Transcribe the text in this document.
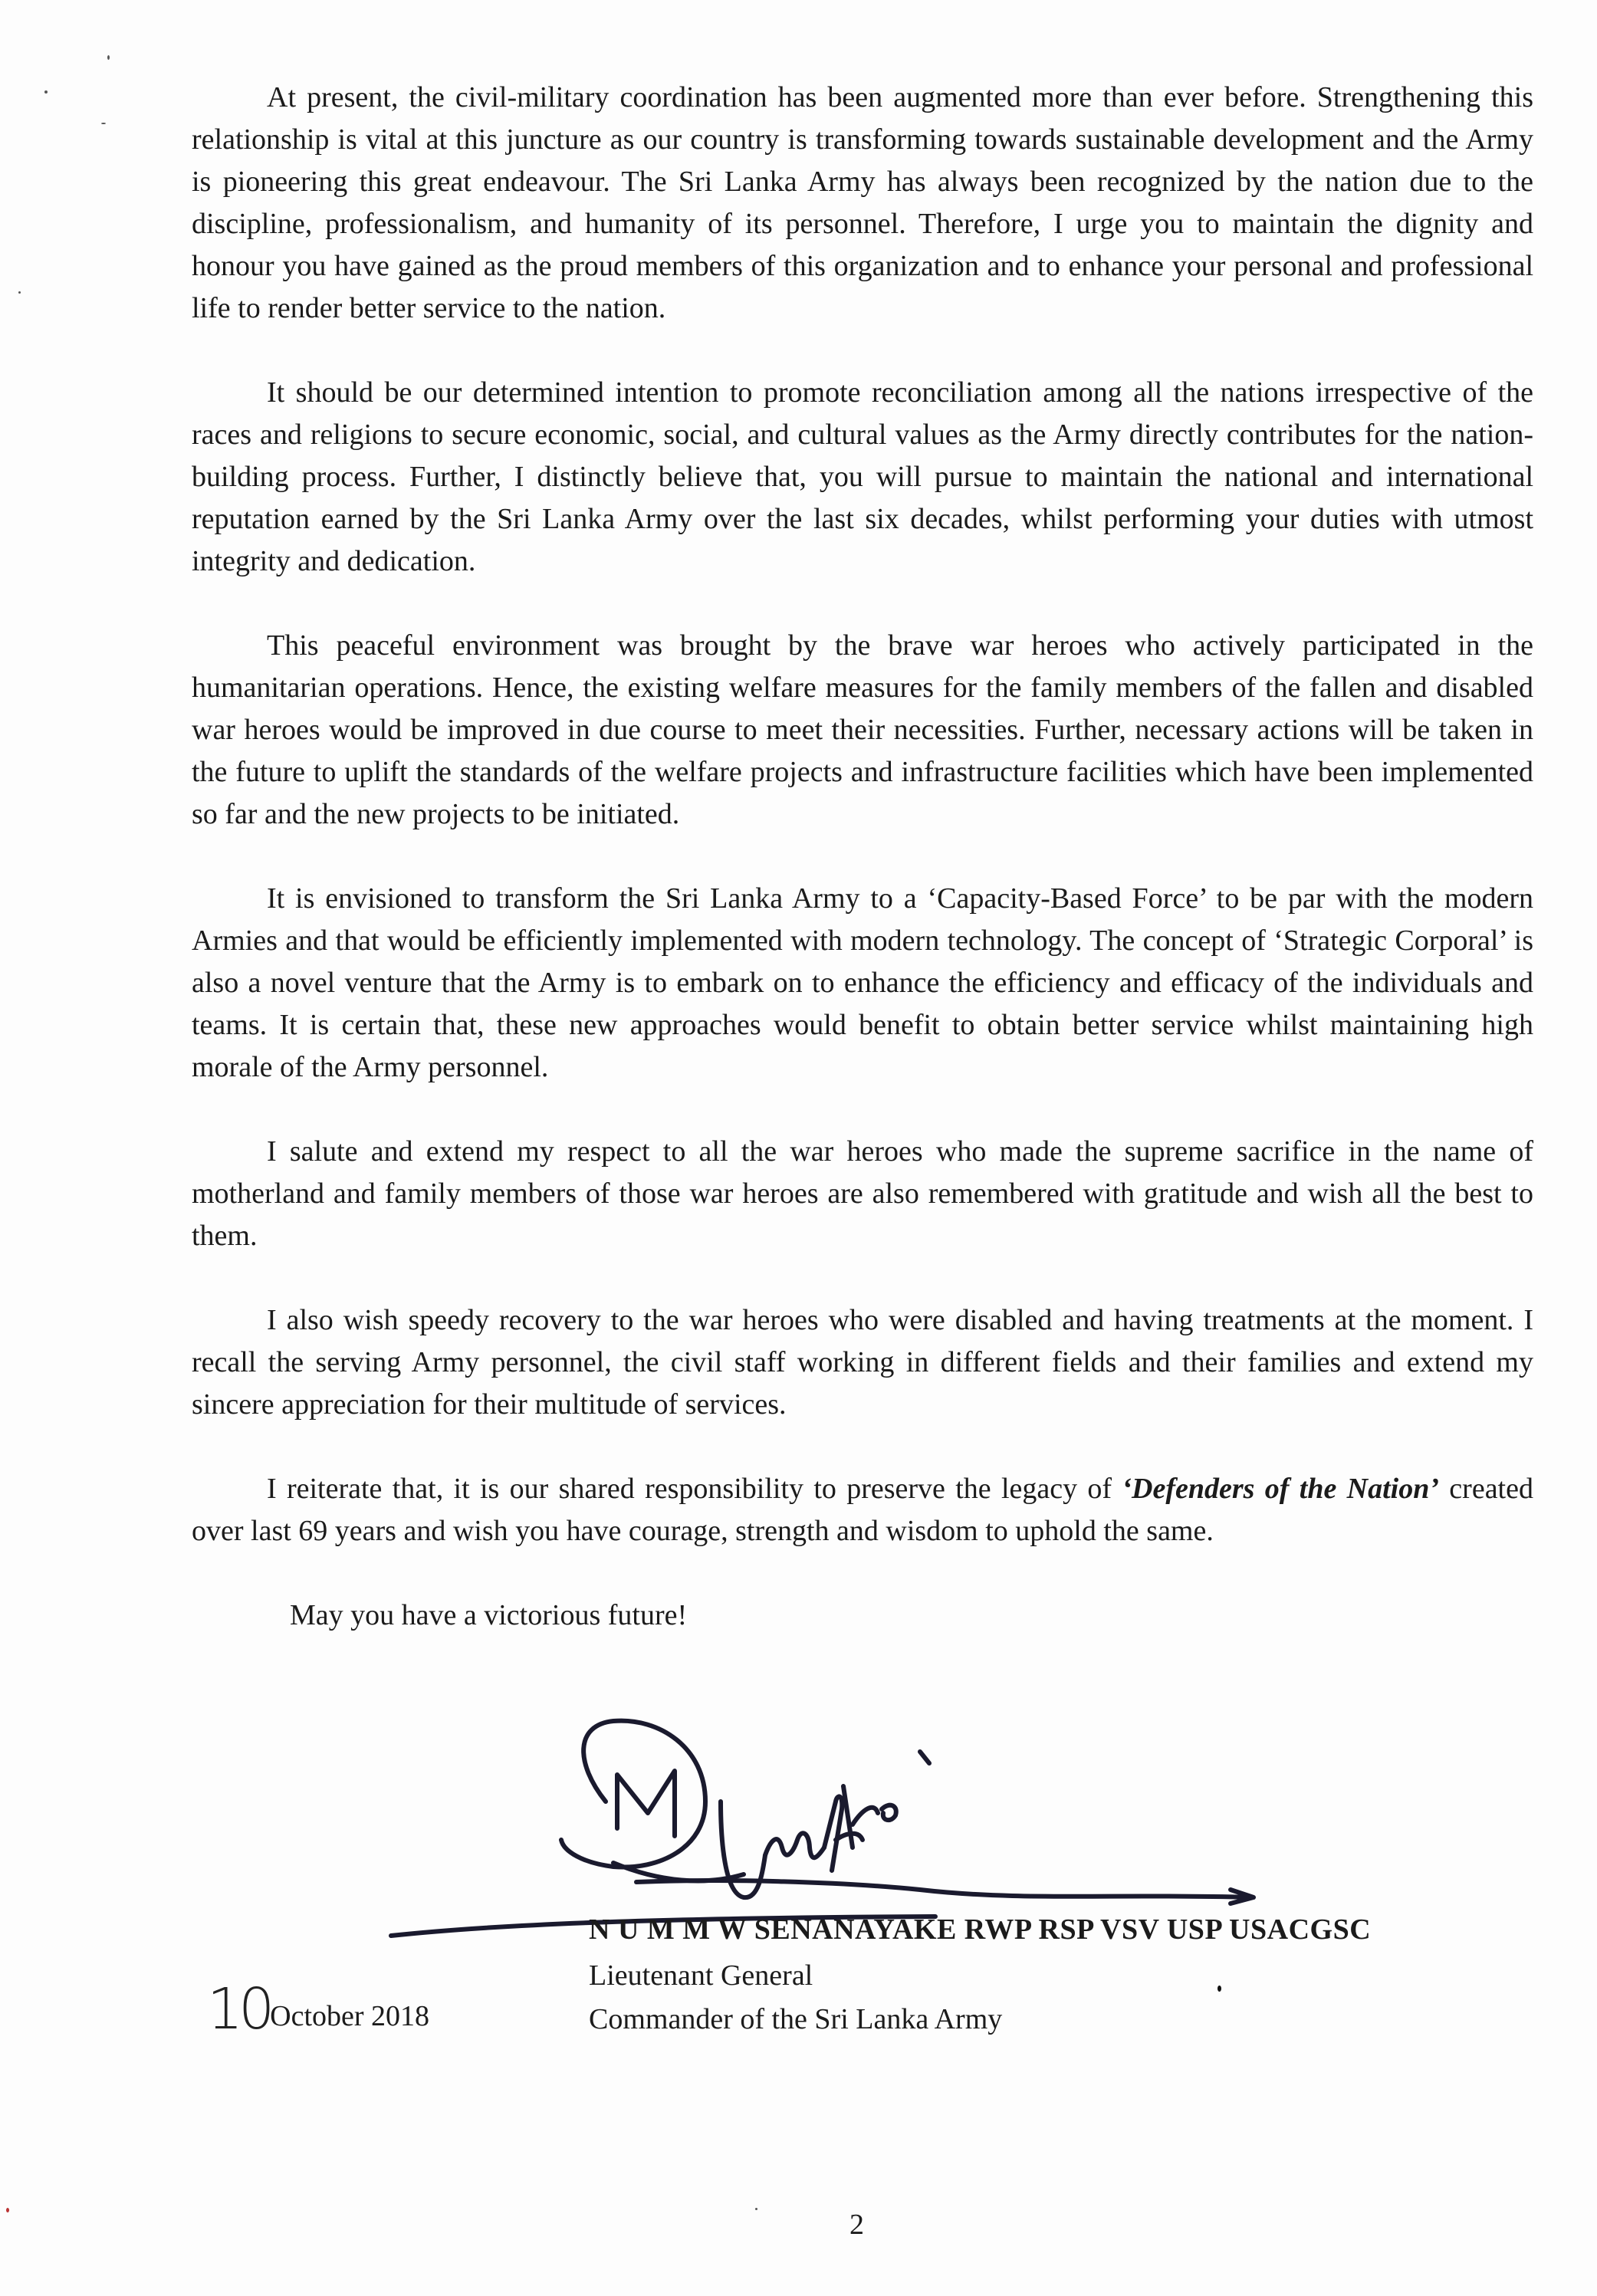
At present, the civil-military coordination has been augmented more than ever before. Strengthening this relationship is vital at this juncture as our country is transforming towards sustainable development and the Army is pioneering this great endeavour. The Sri Lanka Army has always been recognized by the nation due to the discipline, professionalism, and humanity of its personnel. Therefore, I urge you to maintain the dignity and honour you have gained as the proud members of this organization and to enhance your personal and professional life to render better service to the nation.

It should be our determined intention to promote reconciliation among all the nations irrespective of the races and religions to secure economic, social, and cultural values as the Army directly contributes for the nation-building process. Further, I distinctly believe that, you will pursue to maintain the national and international reputation earned by the Sri Lanka Army over the last six decades, whilst performing your duties with utmost integrity and dedication.

This peaceful environment was brought by the brave war heroes who actively participated in the humanitarian operations. Hence, the existing welfare measures for the family members of the fallen and disabled war heroes would be improved in due course to meet their necessities. Further, necessary actions will be taken in the future to uplift the standards of the welfare projects and infrastructure facilities which have been implemented so far and the new projects to be initiated.

It is envisioned to transform the Sri Lanka Army to a ‘Capacity-Based Force’ to be par with the modern Armies and that would be efficiently implemented with modern technology. The concept of ‘Strategic Corporal’ is also a novel venture that the Army is to embark on to enhance the efficiency and efficacy of the individuals and teams. It is certain that, these new approaches would benefit to obtain better service whilst maintaining high morale of the Army personnel.

I salute and extend my respect to all the war heroes who made the supreme sacrifice in the name of motherland and family members of those war heroes are also remembered with gratitude and wish all the best to them.

I also wish speedy recovery to the war heroes who were disabled and having treatments at the moment. I recall the serving Army personnel, the civil staff working in different fields and their families and extend my sincere appreciation for their multitude of services.

I reiterate that, it is our shared responsibility to preserve the legacy of ‘Defenders of the Nation’ created over last 69 years and wish you have courage, strength and wisdom to uphold the same.

May you have a victorious future!

N U M M W SENANAYAKE RWP RSP VSV USP USACGSC
Lieutenant General
Commander of the Sri Lanka Army
10October 2018
2
